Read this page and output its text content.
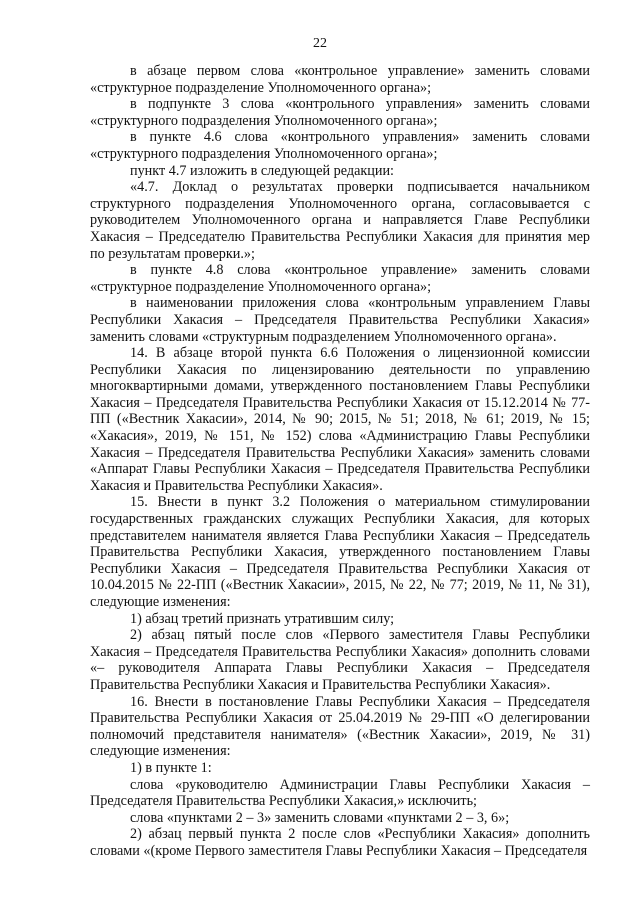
22

в абзаце первом слова «контрольное управление» заменить словами «структурное подразделение Уполномоченного органа»;

в подпункте 3 слова «контрольного управления» заменить словами «структурного подразделения Уполномоченного органа»;

в пункте 4.6 слова «контрольного управления» заменить словами «структурного подразделения Уполномоченного органа»;

пункт 4.7 изложить в следующей редакции:

«4.7. Доклад о результатах проверки подписывается начальником структурного подразделения Уполномоченного органа, согласовывается с руководителем Уполномоченного органа и направляется Главе Республики Хакасия – Председателю Правительства Республики Хакасия для принятия мер по результатам проверки.»;

в пункте 4.8 слова «контрольное управление» заменить словами «структурное подразделение Уполномоченного органа»;

в наименовании приложения слова «контрольным управлением Главы Республики Хакасия – Председателя Правительства Республики Хакасия» заменить словами «структурным подразделением Уполномоченного органа».

14. В абзаце второй пункта 6.6 Положения о лицензионной комиссии Республики Хакасия по лицензированию деятельности по управлению многоквартирными домами, утвержденного постановлением Главы Республики Хакасия – Председателя Правительства Республики Хакасия от 15.12.2014 № 77-ПП («Вестник Хакасии», 2014, № 90; 2015, № 51; 2018, № 61; 2019, № 15; «Хакасия», 2019, № 151, № 152) слова «Администрацию Главы Республики Хакасия – Председателя Правительства Республики Хакасия» заменить словами «Аппарат Главы Республики Хакасия – Председателя Правительства Республики Хакасия и Правительства Республики Хакасия».

15. Внести в пункт 3.2 Положения о материальном стимулировании государственных гражданских служащих Республики Хакасия, для которых представителем нанимателя является Глава Республики Хакасия – Председатель Правительства Республики Хакасия, утвержденного постановлением Главы Республики Хакасия – Председателя Правительства Республики Хакасия от 10.04.2015 № 22-ПП («Вестник Хакасии», 2015, № 22, № 77; 2019, № 11, № 31), следующие изменения:

1) абзац третий признать утратившим силу;

2) абзац пятый после слов «Первого заместителя Главы Республики Хакасия – Председателя Правительства Республики Хакасия» дополнить словами «– руководителя Аппарата Главы Республики Хакасия – Председателя Правительства Республики Хакасия и Правительства Республики Хакасия».

16. Внести в постановление Главы Республики Хакасия – Председателя Правительства Республики Хакасия от 25.04.2019 № 29-ПП «О делегировании полномочий представителя нанимателя» («Вестник Хакасии», 2019, № 31) следующие изменения:

1) в пункте 1:

слова «руководителю Администрации Главы Республики Хакасия – Председателя Правительства Республики Хакасия,» исключить;

слова «пунктами 2 – 3» заменить словами «пунктами 2 – 3, 6»;

2) абзац первый пункта 2 после слов «Республики Хакасия» дополнить словами «(кроме Первого заместителя Главы Республики Хакасия – Председателя
